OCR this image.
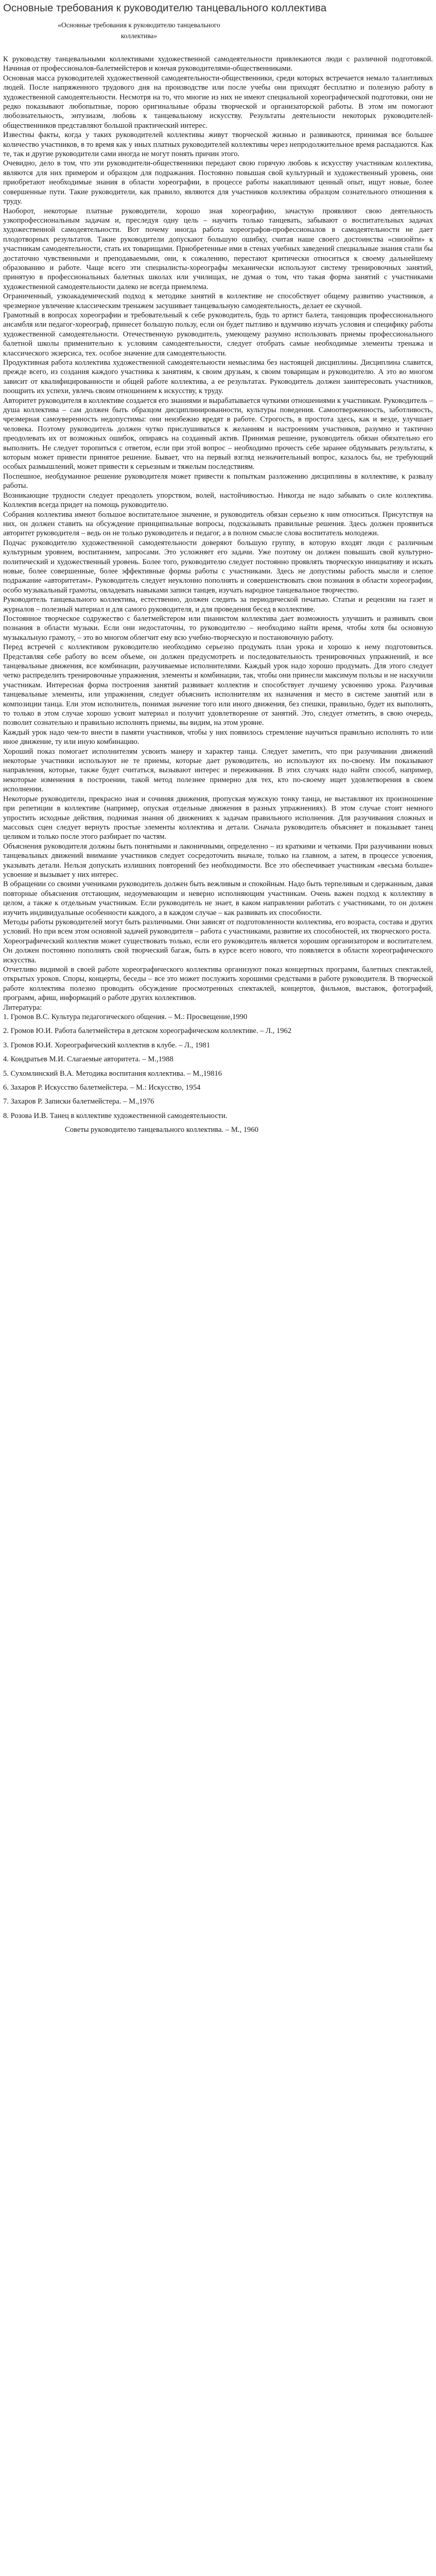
Основные требования к руководителю танцевального коллектива
«Основные требования к руководителю танцевального коллектива»

К руководству танцевальными коллективами художественной самодеятельности привлекаются люди с различной подготовкой. Начиная от профессионалов-балетмейстеров и кончая руководителями-общественниками.

Основная масса руководителей художественной самодеятельности-общественники, среди которых встречается немало талантливых людей. После напряженного трудового дня на производстве или после учебы они приходят бесплатно и полезную работу в художественной самодеятельности. Несмотря на то, что многие из них не имеют специальной хореографической подготовки, они не редко показывают любопытные, порою оригинальные образы творческой и организаторской работы. В этом им помогают любознательность, энтузиазм, любовь к танцевальному искусству. Результаты деятельности некоторых руководителей-общественников представляют большой практический интерес.

Известны факты, когда у таких руководителей коллективы живут творческой жизнью и развиваются, принимая все большее количество участников, в то время как у иных платных руководителей коллективы через непродолжительное время распадаются. Как те, так и другие руководители сами иногда не могут понять причин этого.

Очевидно, дело в том, что эти руководители-общественники передают свою горячую любовь к искусству участникам коллектива, являются для них примером и образцом для подражания. Постоянно повышая свой культурный и художественный уровень, они приобретают необходимые знания в области хореографии, в процессе работы накапливают ценный опыт, ищут новые, более совершенные пути. Такие руководители, как правило, являются для участников коллектива образцом сознательного отношения к труду.

Наоборот, некоторые платные руководители, хорошо зная хореографию, зачастую проявляют свою деятельность узкопрофессиональным задачам и, преследуя одну цель – научить только танцевать, забывают о воспитательных задачах художественной самодеятельности. Вот почему иногда работа хореографов-профессионалов в самодеятельности не дает плодотворных результатов. Такие руководители допускают большую ошибку, считая наше своего достоинства «снизойти» к участникам самодеятельности, стать их товарищами. Приобретенные ими в стенах учебных заведений специальные знания стали бы достаточно чувственными и преподаваемыми, они, к сожалению, перестают критически относиться к своему дальнейшему образованию и работе. Чаще всего эти специалисты-хореографы механически используют систему тренировочных занятий, принятую в профессиональных балетных школах или училищах, не думая о том, что такая форма занятий с участниками художественной самодеятельности далеко не всегда приемлема.

Ограниченный, узкоакадемический подход к методике занятий в коллективе не способствует общему развитию участников, а чрезмерное увлечение классическим тренажем засушивает танцевальную самодеятельность, делает ее скучной.

Грамотный в вопросах хореографии и требовательный к себе руководитель, будь то артист балета, танцовщик профессионального ансамбля или педагог-хореограф, принесет большую пользу, если он будет пытливо и вдумчиво изучать условия и специфику работы художественной самодеятельности. Отечественную руководитель, умеющему разумно использовать приемы профессионального балетной школы применительно к условиям самодеятельности, следует отобрать самые необходимые элементы тренажа и классического экзерсиса, тех. особое значение для самодеятельности.

Продуктивная работа коллектива художественной самодеятельности немыслима без настоящей дисциплины. Дисциплина славится, прежде всего, из создания каждого участника к занятиям, к своим друзьям, к своим товарищам и руководителю. А это во многом зависит от квалифицированности и общей работе коллектива, а ее результатах. Руководитель должен заинтересовать участников, поощрить их успехи, увлечь своим отношением к искусству, к труду.

Авторитет руководителя в коллективе создается его знаниями и вырабатывается чуткими отношениями к участникам. Руководитель – душа коллектива – сам должен быть образцом дисциплинированности, культуры поведения. Самоотверженность, заботливость, чрезмерная самоуверенность недопустимы: они неизбежно вредят в работе. Строгость, в простота здесь, как и везде, улучшает человека. Поэтому руководитель должен чутко прислушиваться к желаниям и настроениям участников, разумно и тактично преодолевать их от возможных ошибок, опираясь на созданный актив. Принимая решение, руководитель обязан обязательно его выполнить. Не следует торопиться с ответом, если при этой вопрос – необходимо прочесть себе заранее обдумывать результаты, к которым может привести принятое решение. Бывает, что на первый взгляд незначительный вопрос, казалось бы, не требующий особых размышлений, может привести к серьезным и тяжелым последствиям.

Поспешное, необдуманное решение руководителя может привести к попыткам разложению дисциплины в коллективе, к развалу работы.

Возникающие трудности следует преодолеть упорством, волей, настойчивостью. Никогда не надо забывать о силе коллектива. Коллектив всегда придет на помощь руководителю.

Собрания коллектива имеют большое воспитательное значение, и руководитель обязан серьезно к ним относиться. Присутствуя на них, он должен ставить на обсуждение принципиальные вопросы, подсказывать правильные решения. Здесь должен проявиться авторитет руководителя – ведь он не только руководитель и педагог, а в полном смысле слова воспитатель молодежи.

Подчас руководителю художественной самодеятельности доверяют большую группу, в которую входят люди с различным культурным уровнем, воспитанием, запросами. Это усложняет его задачи. Уже поэтому он должен повышать свой культурно-политический и художественный уровень. Более того, руководителю следует постоянно проявлять творческую инициативу и искать новые, более совершенные, более эффективные формы работы с участниками. Здесь не допустимы рабость мысли и слепое подражание «авторитетам». Руководитель следует неуклонно пополнять и совершенствовать свои познания в области хореографии, особо музыкальный грамоты, овладевать навыками записи танцев, изучать народное танцевальное творчество.

Руководитель танцевального коллектива, естественно, должен следить за периодической печатью. Статьи и рецензии на газет и журналов – полезный материал и для самого руководителя, и для проведения бесед в коллективе.

Постоянное творческое содружество с балетмейстером или пианистом коллектива дает возможность улучшить и развивать свои познания в области музыки. Если они недостаточны, то руководителю – необходимо найти время, чтобы хотя бы основную музыкальную грамоту, – это во многом облегчит ему всю учебно-творческую и постановочную работу.

Перед встречей с коллективом руководителю необходимо серьезно продумать план урока и хорошо к нему подготовиться. Представляя себе работу во всем объеме, он должен предусмотреть и последовательность тренировочных упражнений, и все танцевальные движения, все комбинации, разучиваемые исполнителями. Каждый урок надо хорошо продумать. Для этого следует четко распределить тренировочные упражнения, элементы и комбинации, так, чтобы они принесли максимум пользы и не наскучили участникам. Интересная форма построения занятий развивает коллектив и способствует лучшему усвоению урока. Разучивая танцевальные элементы, или упражнения, следует объяснить исполнителям их назначения и место в системе занятий или в композиции танца. Ели этом исполнитель, понимая значение того или иного движения, без спешки, правильно, будет их выполнять, то только в этом случае хорошо усвоит материал и получит удовлетворение от занятий. Это, следует отметить, в свою очередь, позволит сознательно и правильно исполнять приемы, вы видим, на этом уровне.

Каждый урок надо чем-то внести в памяти участников, чтобы у них появилось стремление научиться правильно исполнять то или иное движение, ту или иную комбинацию.

Хороший показ помогает исполнителям усвоить манеру и характер танца. Следует заметить, что при разучивании движений некоторые участники используют не те приемы, которые дает руководитель, но используют их по-своему. Им показывают направления, которые, также будет считаться, вызывают интерес и переживания. В этих случаях надо найти способ, например, некоторые изменения в построении, такой метод полезнее примерно для тех, кто по-своему ищет удовлетворения в своем исполнении.

Некоторые руководители, прекрасно зная и сочиняя движения, пропуская мужскую тонку танца, не выставляют их произношение при репетиции в коллективе (например, опуская отдельные движения в разных упражнениях). В этом случае стоит немного упростить исходные действия, поднимая знания об движениях к задачам правильного исполнения. Для разучивания сложных и массовых сцен следует вернуть простые элементы коллектива и детали. Сначала руководитель объясняет и показывает танец целиком и только после этого разбирает по частям.

Объяснения руководителя должны быть понятными и лаконичными, определенно – из краткими и четкими. При разучивании новых танцевальных движений внимание участников следует сосредоточить вначале, только на главном, а затем, в процессе усвоения, указывать детали. Нельзя допускать излишних повторений без необходимости. Все это обеспечивает участникам «весьма больше» усвоение и вызывает у них интерес.

В обращении со своими учениками руководитель должен быть вежливым и спокойным. Надо быть терпеливым и сдержанным, давая повторные объяснения отстающим, недоумевающим и неверно исполняющим участникам. Очень важен подход к коллективу в целом, а также к отдельным участникам. Если руководитель не знает, в каком направлении работать с участниками, то он должен изучить индивидуальные особенности каждого, а в каждом случае – как развивать их способности.

Методы работы руководителей могут быть различными. Они зависят от подготовленности коллектива, его возраста, состава и других условий. Но при всем этом основной задачей руководителя – работа с участниками, развитие их способностей, их творческого роста.

Хореографический коллектив может существовать только, если его руководитель является хорошим организатором и воспитателем. Он должен постоянно пополнять свой творческий багаж, быть в курсе всего нового, что появляется в области хореографического искусства.

Отчетливо видимой в своей работе хореографического коллектива организуют показ концертных программ, балетных спектаклей, открытых уроков. Споры, концерты, беседы – все это может послужить хорошими средствами в работе руководителя. В творческой работе коллектива полезно проводить обсуждение просмотренных спектаклей, концертов, фильмов, выставок, фотографий, программ, афиш, информаций о работе других коллективов.

Литература:

1. Громов В.С. Культура педагогического общения. – М.: Просвещение,1990
2. Громов Ю.И. Работа балетмейстера в детском хореографическом коллективе. – Л., 1962
3. Громов Ю.И. Хореографический коллектив в клубе. – Л., 1981
4. Кондратьев М.И. Слагаемые авторитета. – М.,1988
5. Сухомлинский В.А. Методика воспитания коллектива. – М.,19816
6. Захаров Р. Искусство балетмейстера. – М.: Искусство, 1954
7. Захаров Р. Записки балетмейстера. – М.,1976
8. Розова И.В. Танец в коллективе художественной самодеятельности.

Советы руководителю танцевального коллектива. – М., 1960
